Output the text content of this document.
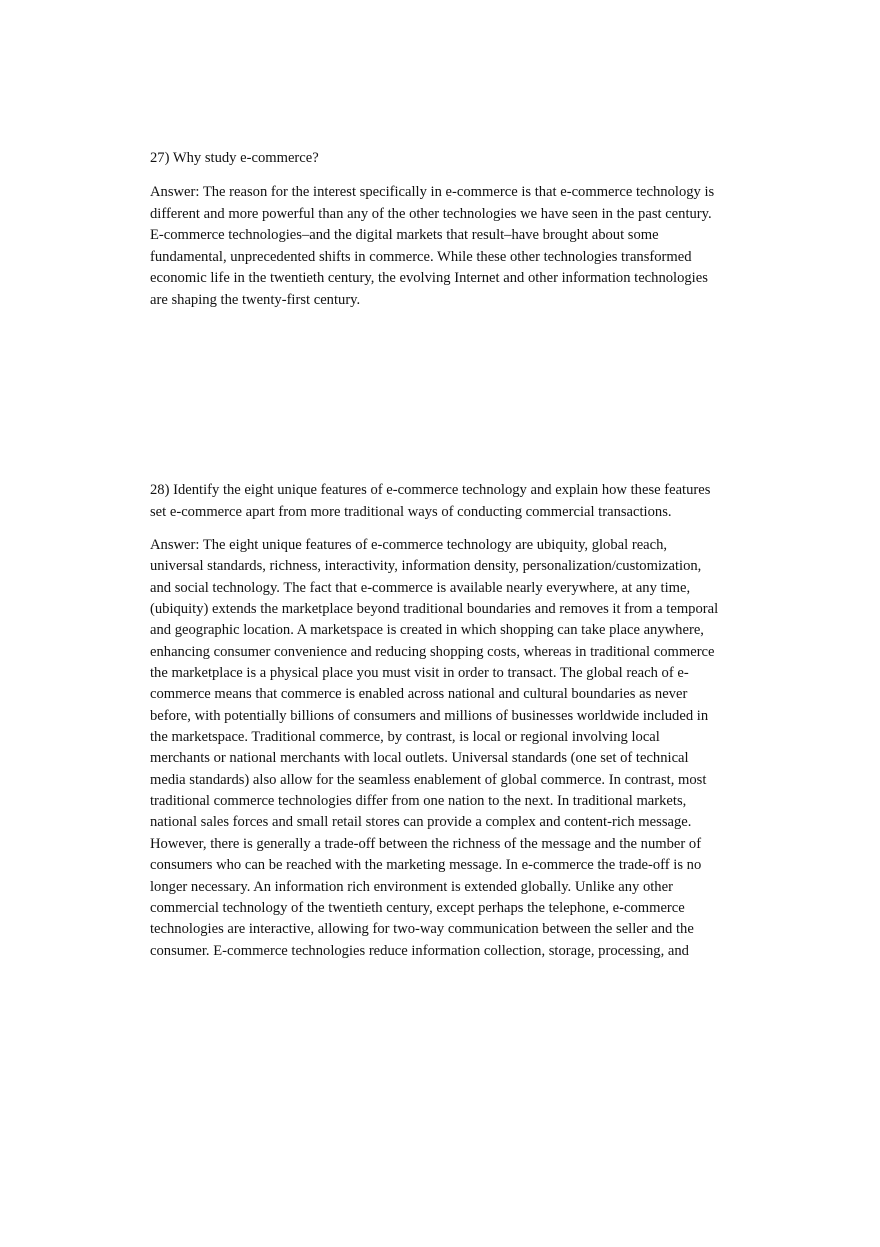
27) Why study e-commerce?
Answer: The reason for the interest specifically in e-commerce is that e-commerce technology is
different and more powerful than any of the other technologies we have seen in the past century.
E-commerce technologies–and the digital markets that result–have brought about some
fundamental, unprecedented shifts in commerce. While these other technologies transformed
economic life in the twentieth century, the evolving Internet and other information technologies
are shaping the twenty-first century.
28) Identify the eight unique features of e-commerce technology and explain how these features
set e-commerce apart from more traditional ways of conducting commercial transactions.
Answer: The eight unique features of e-commerce technology are ubiquity, global reach,
universal standards, richness, interactivity, information density, personalization/customization,
and social technology. The fact that e-commerce is available nearly everywhere, at any time,
(ubiquity) extends the marketplace beyond traditional boundaries and removes it from a temporal
and geographic location. A marketspace is created in which shopping can take place anywhere,
enhancing consumer convenience and reducing shopping costs, whereas in traditional commerce
the marketplace is a physical place you must visit in order to transact. The global reach of e-
commerce means that commerce is enabled across national and cultural boundaries as never
before, with potentially billions of consumers and millions of businesses worldwide included in
the marketspace. Traditional commerce, by contrast, is local or regional involving local
merchants or national merchants with local outlets. Universal standards (one set of technical
media standards) also allow for the seamless enablement of global commerce. In contrast, most
traditional commerce technologies differ from one nation to the next. In traditional markets,
national sales forces and small retail stores can provide a complex and content-rich message.
However, there is generally a trade-off between the richness of the message and the number of
consumers who can be reached with the marketing message. In e-commerce the trade-off is no
longer necessary. An information rich environment is extended globally. Unlike any other
commercial technology of the twentieth century, except perhaps the telephone, e-commerce
technologies are interactive, allowing for two-way communication between the seller and the
consumer. E-commerce technologies reduce information collection, storage, processing, and
